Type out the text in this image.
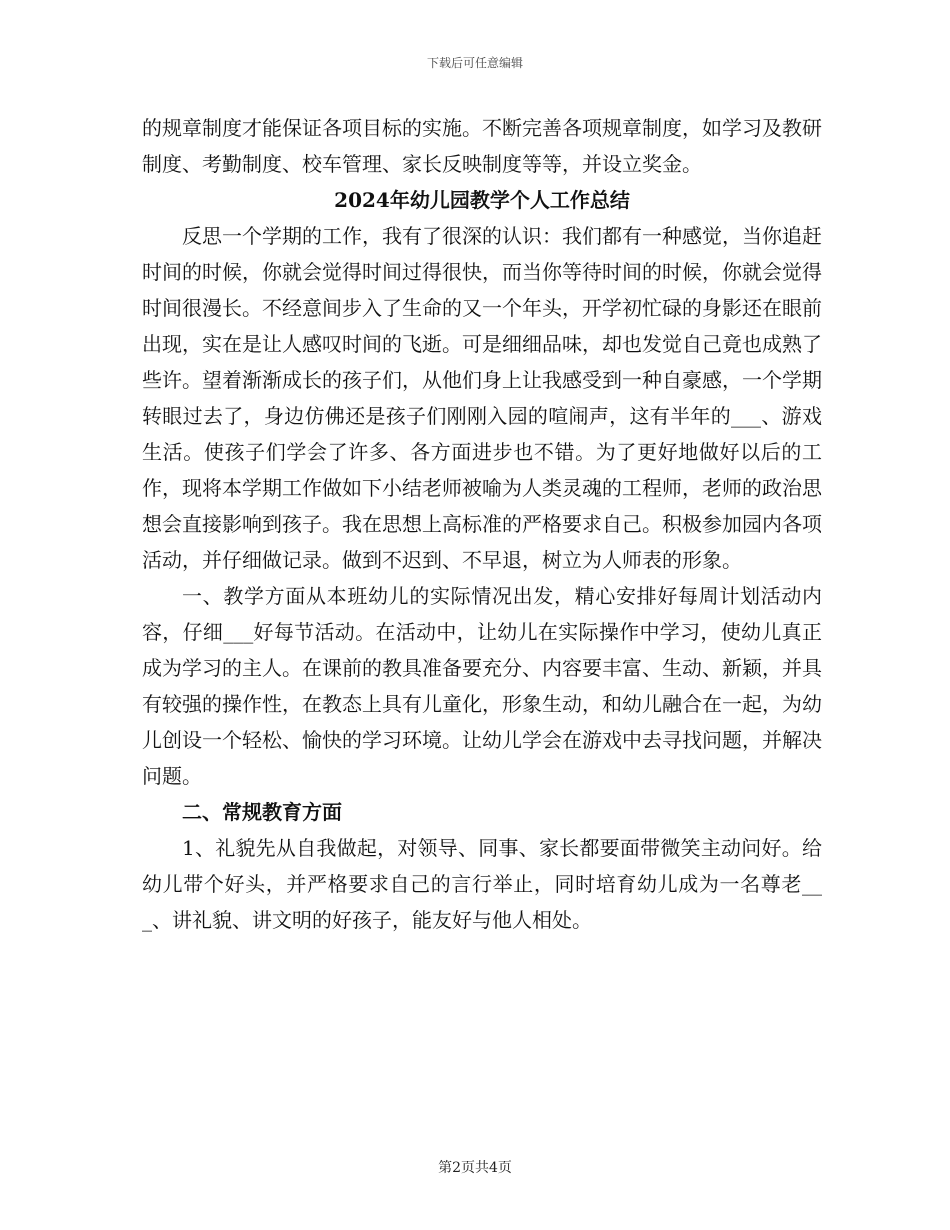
下载后可任意编辑

的规章制度才能保证各项目标的实施。不断完善各项规章制度，如学习及教研制度、考勤制度、校车管理、家长反映制度等等，并设立奖金。

2024年幼儿园教学个人工作总结

反思一个学期的工作，我有了很深的认识：我们都有一种感觉，当你追赶时间的时候，你就会觉得时间过得很快，而当你等待时间的时候，你就会觉得时间很漫长。不经意间步入了生命的又一个年头，开学初忙碌的身影还在眼前出现，实在是让人感叹时间的飞逝。可是细细品味，却也发觉自己竟也成熟了些许。望着渐渐成长的孩子们，从他们身上让我感受到一种自豪感，一个学期转眼过去了，身边仿佛还是孩子们刚刚入园的喧闹声，这有半年的___、游戏生活。使孩子们学会了许多、各方面进步也不错。为了更好地做好以后的工作，现将本学期工作做如下小结老师被喻为人类灵魂的工程师，老师的政治思想会直接影响到孩子。我在思想上高标准的严格要求自己。积极参加园内各项活动，并仔细做记录。做到不迟到、不早退，树立为人师表的形象。

一、教学方面从本班幼儿的实际情况出发，精心安排好每周计划活动内容，仔细___好每节活动。在活动中，让幼儿在实际操作中学习，使幼儿真正成为学习的主人。在课前的教具准备要充分、内容要丰富、生动、新颖，并具有较强的操作性，在教态上具有儿童化，形象生动，和幼儿融合在一起，为幼儿创设一个轻松、愉快的学习环境。让幼儿学会在游戏中去寻找问题，并解决问题。

二、常规教育方面

1、礼貌先从自我做起，对领导、同事、家长都要面带微笑主动问好。给幼儿带个好头，并严格要求自己的言行举止，同时培育幼儿成为一名尊老___、讲礼貌、讲文明的好孩子，能友好与他人相处。

第2页共4页
